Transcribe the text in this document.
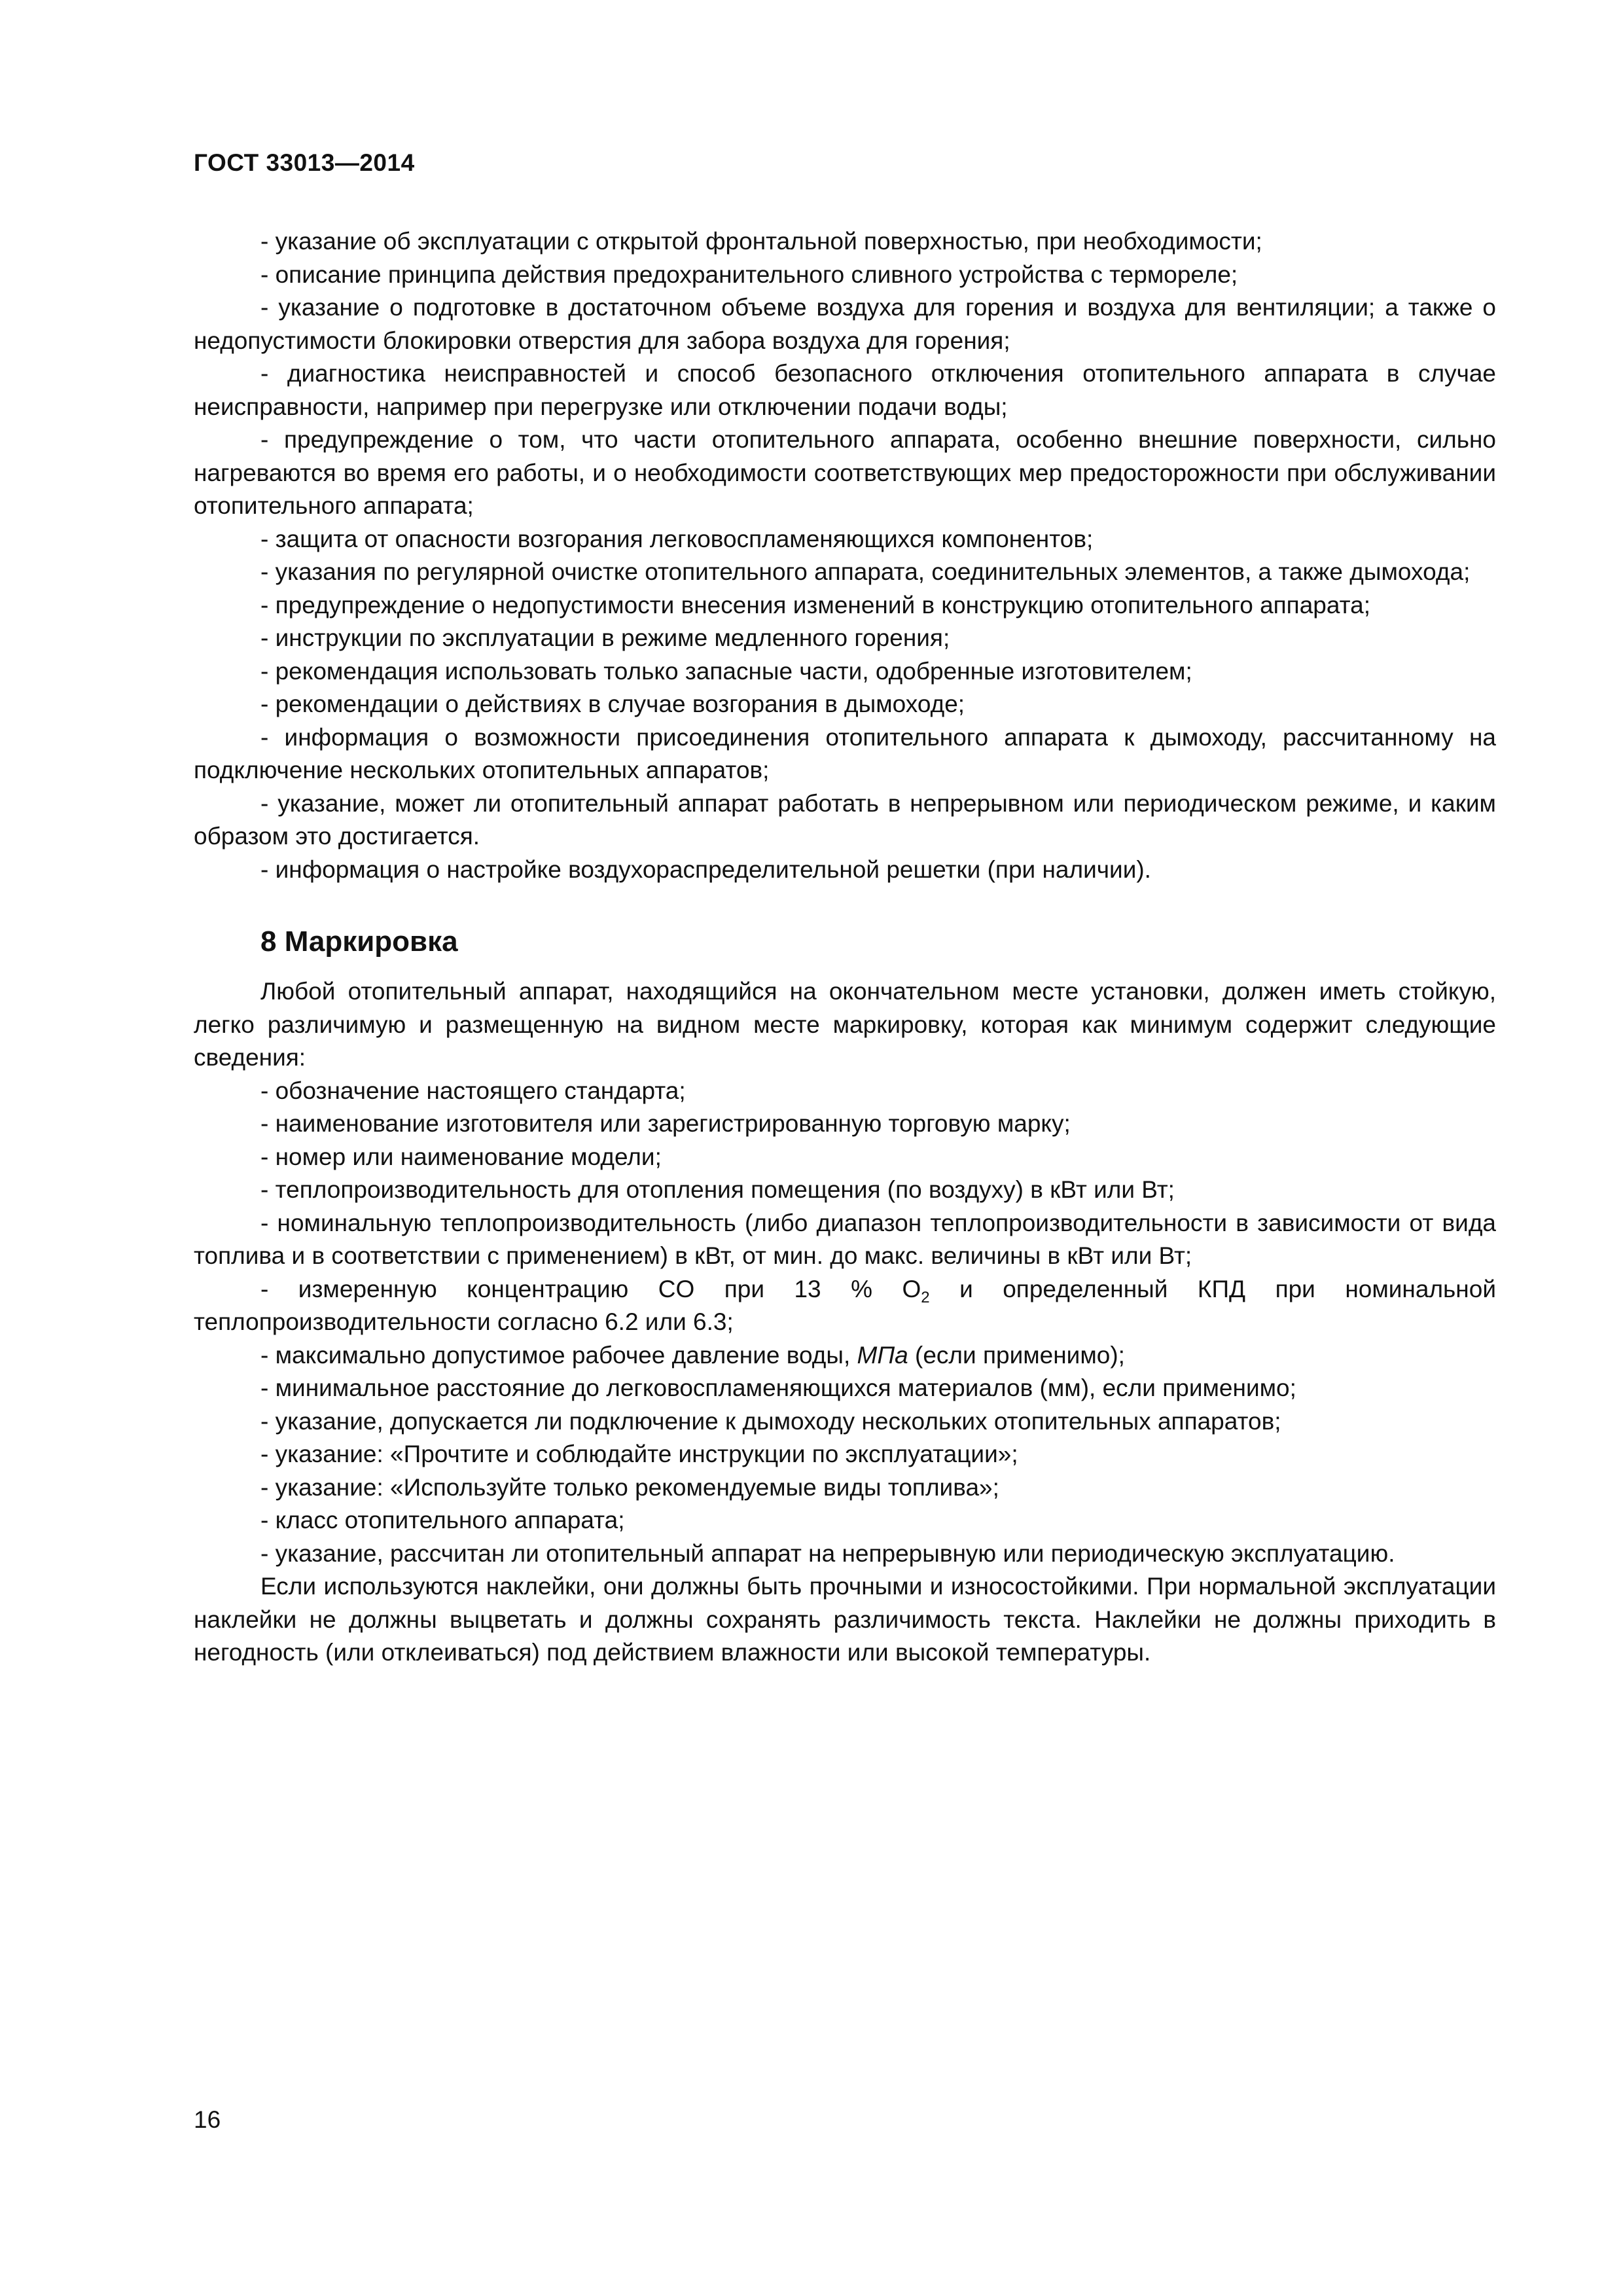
ГОСТ 33013—2014

- указание об эксплуатации с открытой фронтальной поверхностью, при необходимости;

- описание принципа действия предохранительного сливного устройства с термореле;

- указание о подготовке в достаточном объеме воздуха для горения и воздуха для вентиляции; а также о недопустимости блокировки отверстия для забора воздуха для горения;

- диагностика неисправностей и способ безопасного отключения отопительного аппарата в случае неисправности, например при перегрузке или отключении подачи воды;

- предупреждение о том, что части отопительного аппарата, особенно внешние поверхности, сильно нагреваются во время его работы, и о необходимости соответствующих мер предосторожности при обслуживании отопительного аппарата;

- защита от опасности возгорания легковоспламеняющихся компонентов;

- указания по регулярной очистке отопительного аппарата, соединительных элементов, а также дымохода;

- предупреждение о недопустимости внесения изменений в конструкцию отопительного аппарата;

- инструкции по эксплуатации в режиме медленного горения;

- рекомендация использовать только запасные части, одобренные изготовителем;

- рекомендации о действиях в случае возгорания в дымоходе;

- информация о возможности присоединения отопительного аппарата к дымоходу, рассчитанному на подключение нескольких отопительных аппаратов;

- указание, может ли отопительный аппарат работать в непрерывном или периодическом режиме, и каким образом это достигается.

- информация о настройке воздухораспределительной решетки (при наличии).

8 Маркировка

Любой отопительный аппарат, находящийся на окончательном месте установки, должен иметь стойкую, легко различимую и размещенную на видном месте маркировку, которая как минимум содержит следующие сведения:

- обозначение настоящего стандарта;

- наименование изготовителя или зарегистрированную торговую марку;

- номер или наименование модели;

- теплопроизводительность для отопления помещения (по воздуху) в кВт или Вт;

- номинальную теплопроизводительность (либо диапазон теплопроизводительности в зависимости от вида топлива и в соответствии с применением) в кВт, от мин. до макс. величины в кВт или Вт;

- измеренную концентрацию CO при 13 % $O_2$ и определенный КПД при номинальной теплопроизводительности согласно 6.2 или 6.3;

- максимально допустимое рабочее давление воды, МПа (если применимо);

- минимальное расстояние до легковоспламеняющихся материалов (мм), если применимо;

- указание, допускается ли подключение к дымоходу нескольких отопительных аппаратов;

- указание: «Прочтите и соблюдайте инструкции по эксплуатации»;

- указание: «Используйте только рекомендуемые виды топлива»;

- класс отопительного аппарата;

- указание, рассчитан ли отопительный аппарат на непрерывную или периодическую эксплуатацию.

Если используются наклейки, они должны быть прочными и износостойкими. При нормальной эксплуатации наклейки не должны выцветать и должны сохранять различимость текста. Наклейки не должны приходить в негодность (или отклеиваться) под действием влажности или высокой температуры.

16
